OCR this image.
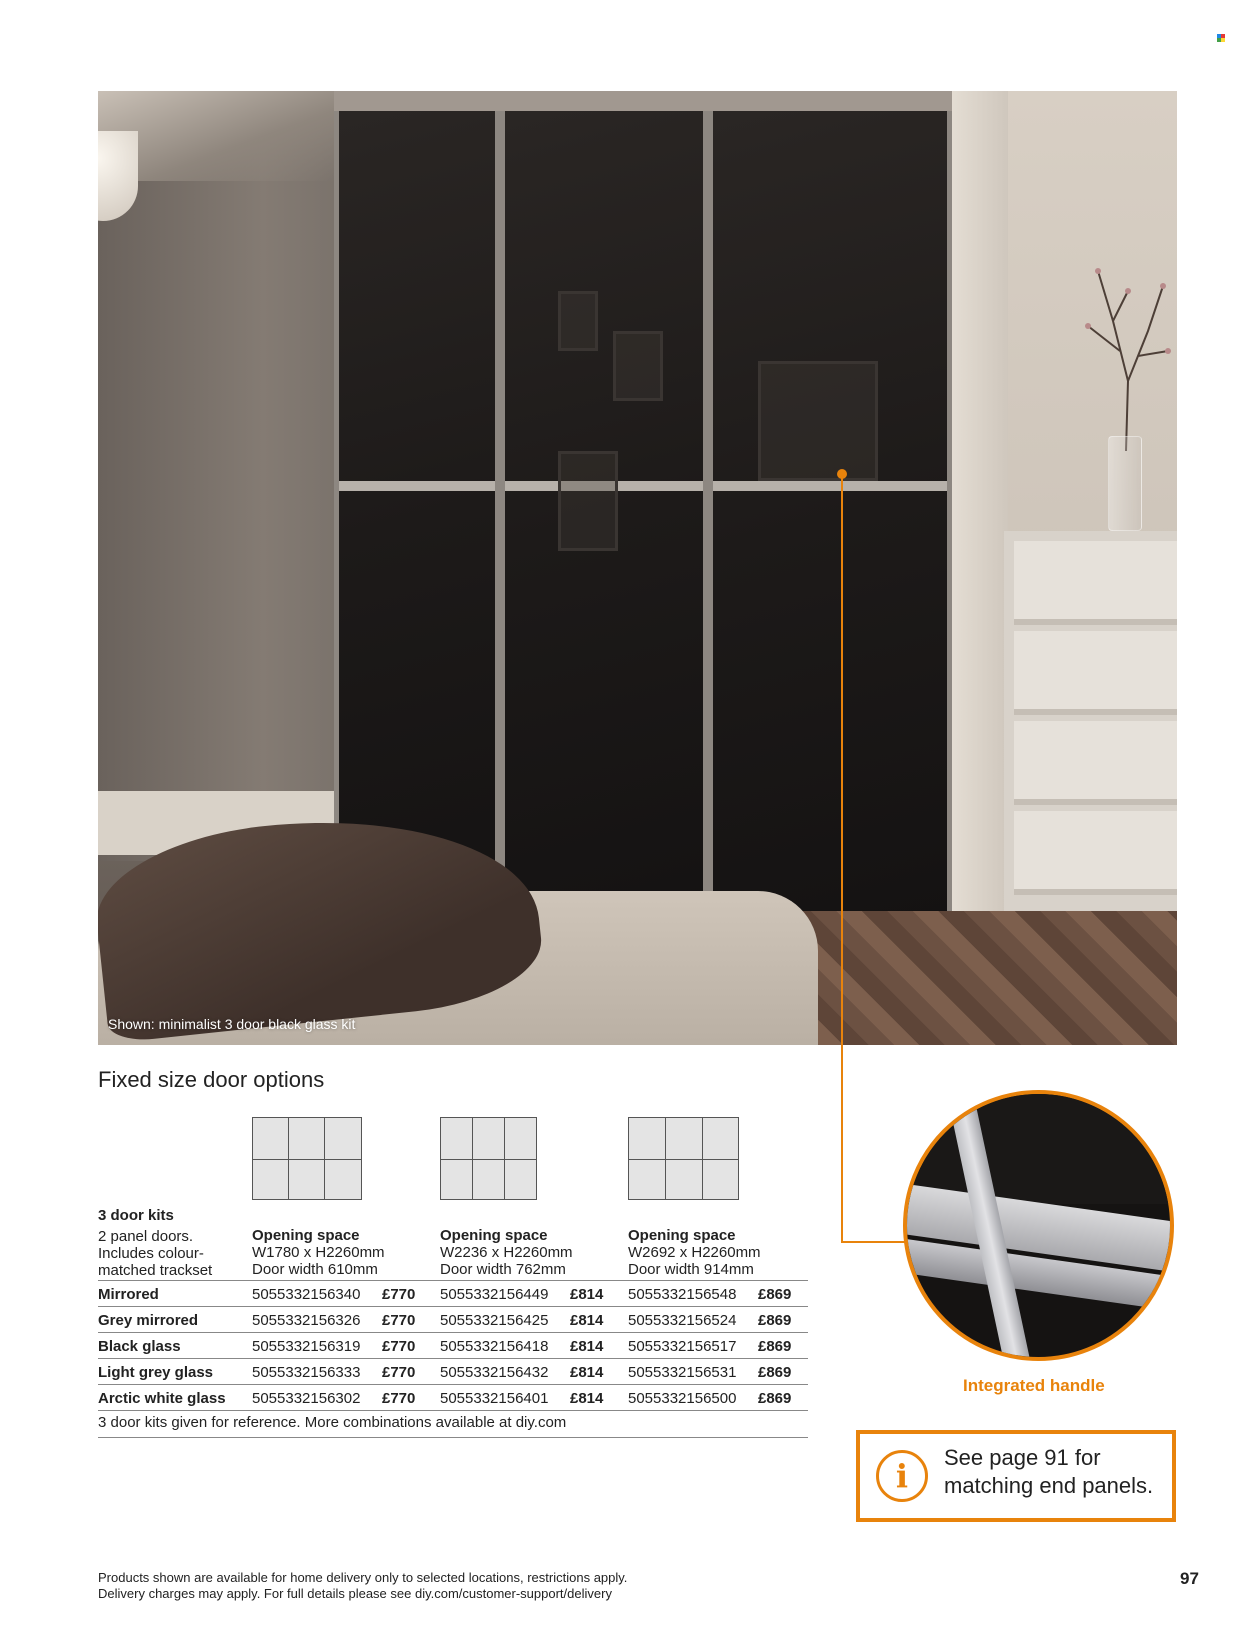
Shown: minimalist 3 door black glass kit
Integrated handle
i	See page 91 for
matching end panels.
Fixed size door options
3 door kits
2 panel doors. Includes colour-matched trackset
Opening space
W1780 x H2260mm
Door width 610mm
Opening space
W2236 x H2260mm
Door width 762mm
Opening space
W2692 x H2260mm
Door width 914mm
Mirrored	5055332156340 £770 5055332156449 £814 5055332156548 £869
Grey mirrored	5055332156326 £770 5055332156425 £814 5055332156524 £869
Black glass	5055332156319 £770 5055332156418 £814 5055332156517 £869
Light grey glass	5055332156333 £770 5055332156432 £814 5055332156531 £869
Arctic white glass 5055332156302 £770 5055332156401 £814 5055332156500 £869
3 door kits given for reference. More combinations available at diy.com
Products shown are available for home delivery only to selected locations, restrictions apply.
Delivery charges may apply. For full details please see diy.com/customer-support/delivery
97
